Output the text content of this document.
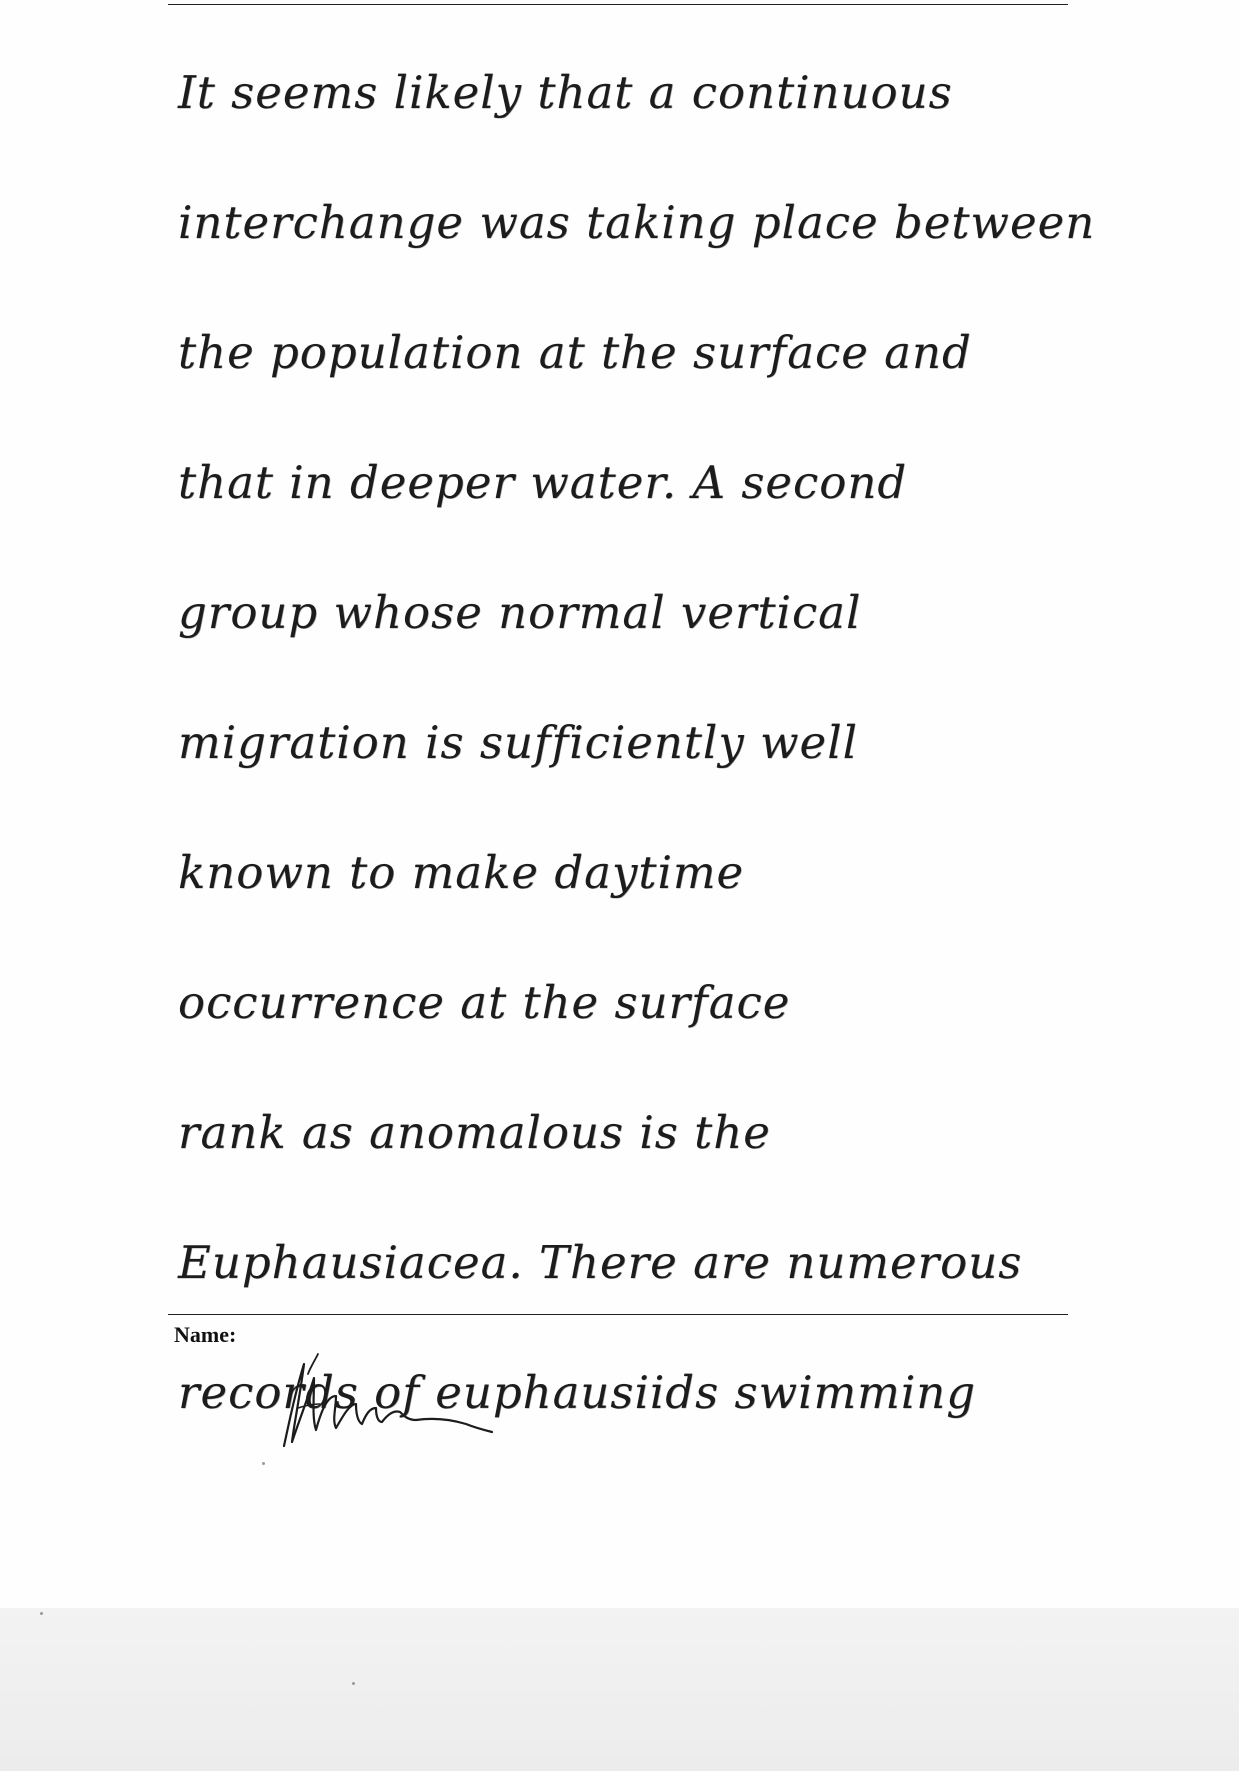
It seems likely that a continuous
interchange was taking place between
the population at the surface and
that in deeper water. A second
group whose normal vertical
migration is sufficiently well
known to make daytime
occurrence at the surface
rank as anomalous is the
Euphausiacea. There are numerous
records of euphausiids swimming
Name:
